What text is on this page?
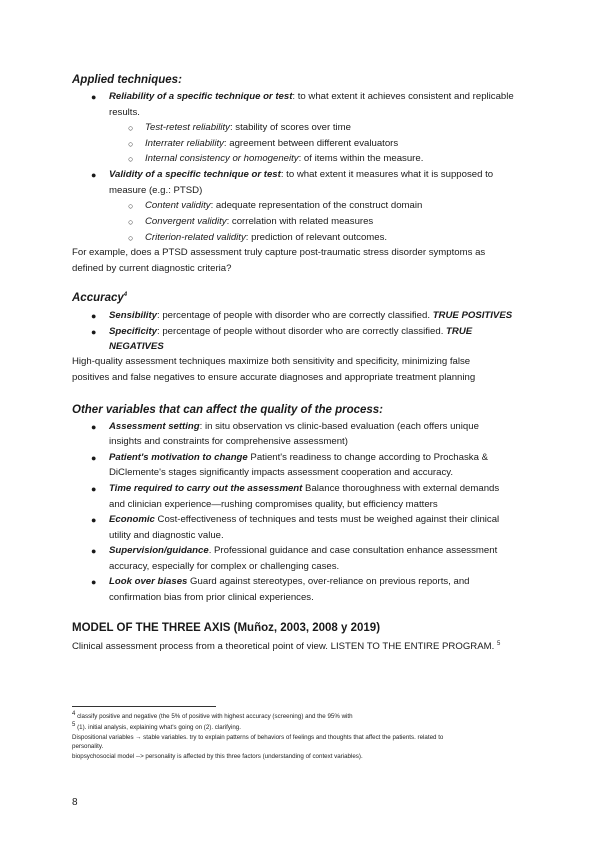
Applied techniques:
● Reliability of a specific technique or test: to what extent it achieves consistent and replicable
results.
○ Test-retest reliability: stability of scores over time
○ Interrater reliability: agreement between different evaluators
○ Internal consistency or homogeneity: of items within the measure.
● Validity of a specific technique or test: to what extent it measures what it is supposed to
measure (e.g.: PTSD)
○ Content validity: adequate representation of the construct domain
○ Convergent validity: correlation with related measures
○ Criterion-related validity: prediction of relevant outcomes.
For example, does a PTSD assessment truly capture post-traumatic stress disorder symptoms as
defined by current diagnostic criteria?
Accuracy$^4$
● Sensibility: percentage of people with disorder who are correctly classified. TRUE POSITIVES
● Specificity: percentage of people without disorder who are correctly classified. TRUE
NEGATIVES
High-quality assessment techniques maximize both sensitivity and specificity, minimizing false
positives and false negatives to ensure accurate diagnoses and appropriate treatment planning
Other variables that can affect the quality of the process:
● Assessment setting: in situ observation vs clinic-based evaluation (each offers unique
insights and constraints for comprehensive assessment)
● Patient's motivation to change Patient's readiness to change according to Prochaska &
DiClemente's stages significantly impacts assessment cooperation and accuracy.
● Time required to carry out the assessment Balance thoroughness with external demands
and clinician experience—rushing compromises quality, but efficiency matters
● Economic Cost-effectiveness of techniques and tests must be weighed against their clinical
utility and diagnostic value.
● Supervision/guidance. Professional guidance and case consultation enhance assessment
accuracy, especially for complex or challenging cases.
● Look over biases Guard against stereotypes, over-reliance on previous reports, and
confirmation bias from prior clinical experiences.
MODEL OF THE THREE AXIS (Muñoz, 2003, 2008 y 2019)
Clinical assessment process from a theoretical point of view. LISTEN TO THE ENTIRE PROGRAM. $^5$
$^4$ classify positive and negative (the 5% of positive with highest accuracy (screening) and the 95% with
$^5$ (1). initial analysis, explaining what's going on (2). clarifying.
Dispositional variables → stable variables. try to explain patterns of behaviors of feelings and thoughts that affect the patients. related to
personality.
biopsychosocial model --> personality is affected by this three factors (understanding of context variables).
8
